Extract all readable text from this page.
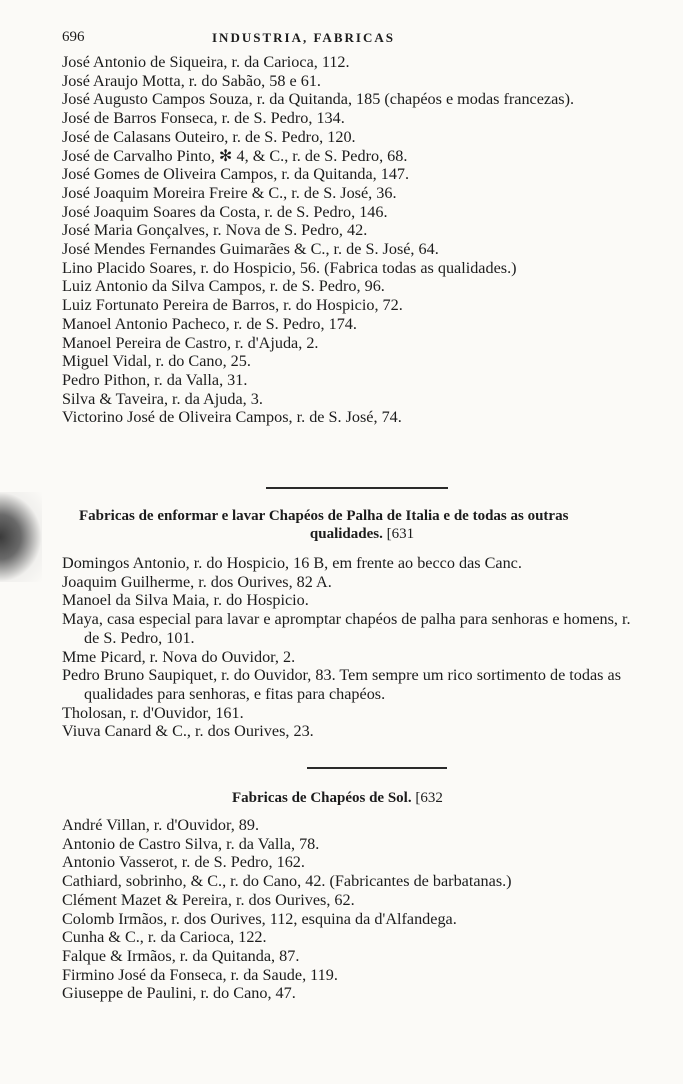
696	INDUSTRIA, FABRICAS
José Antonio de Siqueira, r. da Carioca, 112.
José Araujo Motta, r. do Sabão, 58 e 61.
José Augusto Campos Souza, r. da Quitanda, 185 (chapéos e modas francezas).
José de Barros Fonseca, r. de S. Pedro, 134.
José de Calasans Outeiro, r. de S. Pedro, 120.
José de Carvalho Pinto, ✻ 4, & C., r. de S. Pedro, 68.
José Gomes de Oliveira Campos, r. da Quitanda, 147.
José Joaquim Moreira Freire & C., r. de S. José, 36.
José Joaquim Soares da Costa, r. de S. Pedro, 146.
José Maria Gonçalves, r. Nova de S. Pedro, 42.
José Mendes Fernandes Guimarães & C., r. de S. José, 64.
Lino Placido Soares, r. do Hospicio, 56. (Fabrica todas as qualidades.)
Luiz Antonio da Silva Campos, r. de S. Pedro, 96.
Luiz Fortunato Pereira de Barros, r. do Hospicio, 72.
Manoel Antonio Pacheco, r. de S. Pedro, 174.
Manoel Pereira de Castro, r. d'Ajuda, 2.
Miguel Vidal, r. do Cano, 25.
Pedro Pithon, r. da Valla, 31.
Silva & Taveira, r. da Ajuda, 3.
Victorino José de Oliveira Campos, r. de S. José, 74.
Fabricas de enformar e lavar Chapéos de Palha de Italia e de todas as outras
qualidades. [631
Domingos Antonio, r. do Hospicio, 16 B, em frente ao becco das Canc.
Joaquim Guilherme, r. dos Ourives, 82 A.
Manoel da Silva Maia, r. do Hospicio.
Maya, casa especial para lavar e apromptar chapéos de palha para senhoras e homens, r. de S. Pedro, 101.
Mme Picard, r. Nova do Ouvidor, 2.
Pedro Bruno Saupiquet, r. do Ouvidor, 83. Tem sempre um rico sortimento de todas as qualidades para senhoras, e fitas para chapéos.
Tholosan, r. d'Ouvidor, 161.
Viuva Canard & C., r. dos Ourives, 23.
Fabricas de Chapéos de Sol. [632
André Villan, r. d'Ouvidor, 89.
Antonio de Castro Silva, r. da Valla, 78.
Antonio Vasserot, r. de S. Pedro, 162.
Cathiard, sobrinho, & C., r. do Cano, 42. (Fabricantes de barbatanas.)
Clément Mazet & Pereira, r. dos Ourives, 62.
Colomb Irmãos, r. dos Ourives, 112, esquina da d'Alfandega.
Cunha & C., r. da Carioca, 122.
Falque & Irmãos, r. da Quitanda, 87.
Firmino José da Fonseca, r. da Saude, 119.
Giuseppe de Paulini, r. do Cano, 47.
